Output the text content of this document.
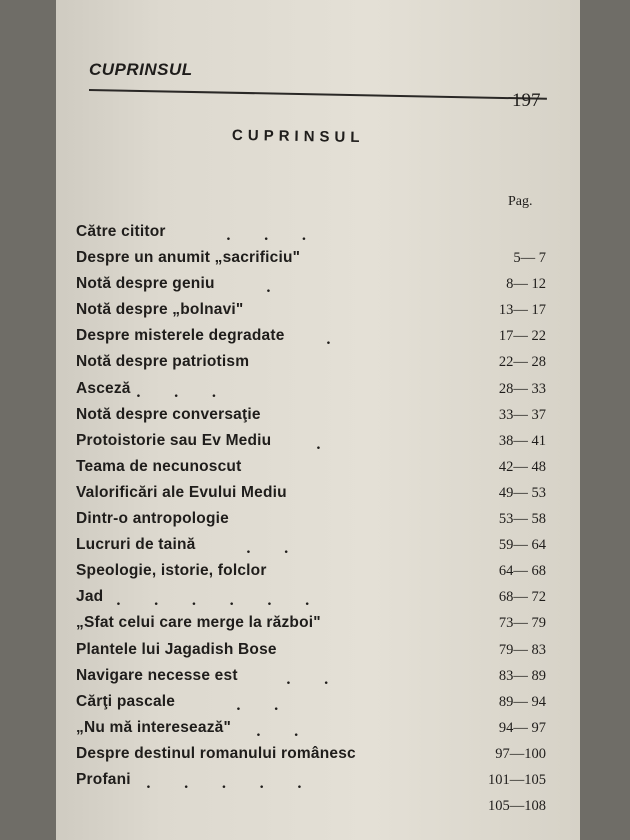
CUPRINSUL
197
CUPRINSUL
Pag.
Către cititor	. . .
Despre un anumit „sacrificiu"	5— 7
Notă despre geniu	.	8— 12
Notă despre „bolnavi"	13— 17
Despre misterele degradate	.	17— 22
Notă despre patriotism	22— 28
Asceză . . .	28— 33
Notă despre conversaţie	33— 37
Protoistorie sau Ev Mediu	.	38— 41
Teama de necunoscut	42— 48
Valorificări ale Evului Mediu	49— 53
Dintr-o antropologie	53— 58
Lucruri de taină	. .	59— 64
Speologie, istorie, folclor	64— 68
Jad . . . . . .	68— 72
„Sfat celui care merge la război"	73— 79
Plantele lui Jagadish Bose	79— 83
Navigare necesse est	. .	83— 89
Cărţi pascale	. .	89— 94
„Nu mă interesează" . .	94— 97
Despre destinul romanului românesc	97—100
Profani . . . . .	101—105
105—108
